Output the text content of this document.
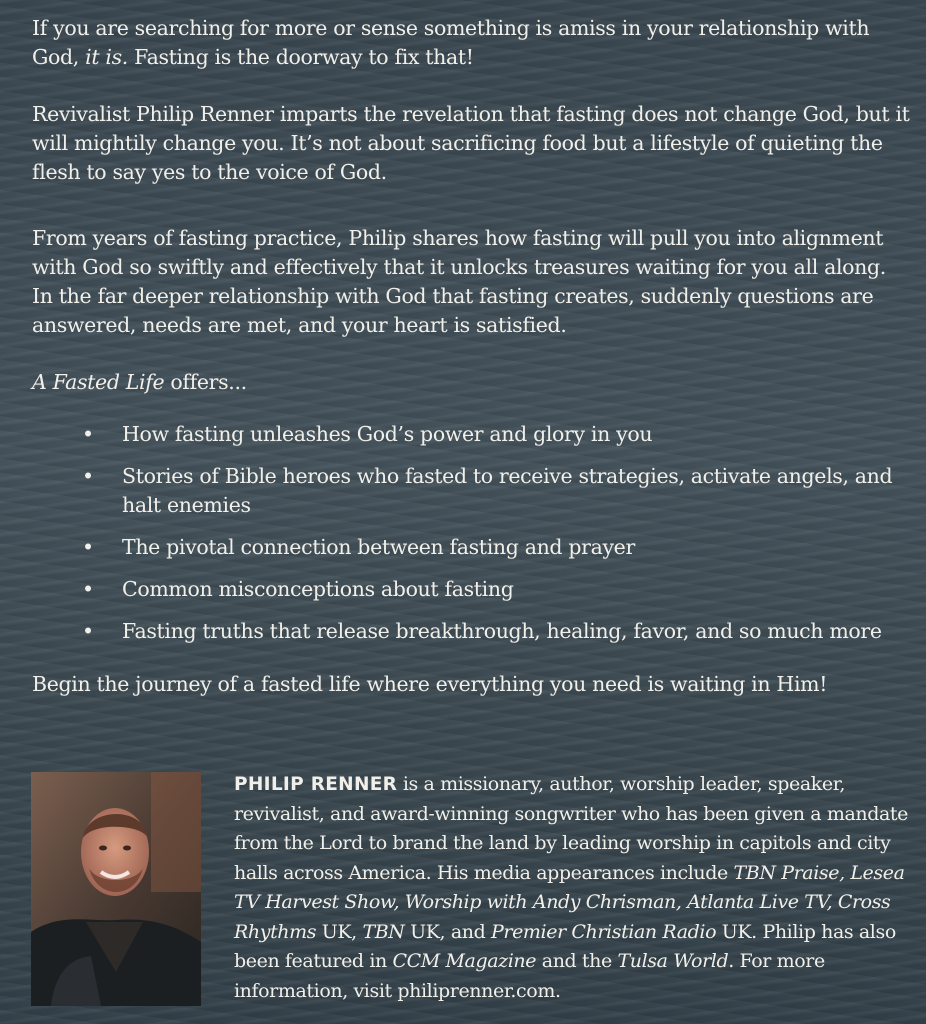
If you are searching for more or sense something is amiss in your relationship with God, it is. Fasting is the doorway to fix that!

Revivalist Philip Renner imparts the revelation that fasting does not change God, but it will mightily change you. It’s not about sacrificing food but a lifestyle of quieting the flesh to say yes to the voice of God.

From years of fasting practice, Philip shares how fasting will pull you into alignment with God so swiftly and effectively that it unlocks treasures waiting for you all along. In the far deeper relationship with God that fasting creates, suddenly questions are answered, needs are met, and your heart is satisfied.

A Fasted Life offers...

• How fasting unleashes God’s power and glory in you
• Stories of Bible heroes who fasted to receive strategies, activate angels, and halt enemies
• The pivotal connection between fasting and prayer
• Common misconceptions about fasting
• Fasting truths that release breakthrough, healing, favor, and so much more

Begin the journey of a fasted life where everything you need is waiting in Him!

PHILIP RENNER is a missionary, author, worship leader, speaker, revivalist, and award-winning songwriter who has been given a mandate from the Lord to brand the land by leading worship in capitols and city halls across America. His media appearances include TBN Praise, Lesea TV Harvest Show, Worship with Andy Chrisman, Atlanta Live TV, Cross Rhythms UK, TBN UK, and Premier Christian Radio UK. Philip has also been featured in CCM Magazine and the Tulsa World. For more information, visit philiprenner.com.
